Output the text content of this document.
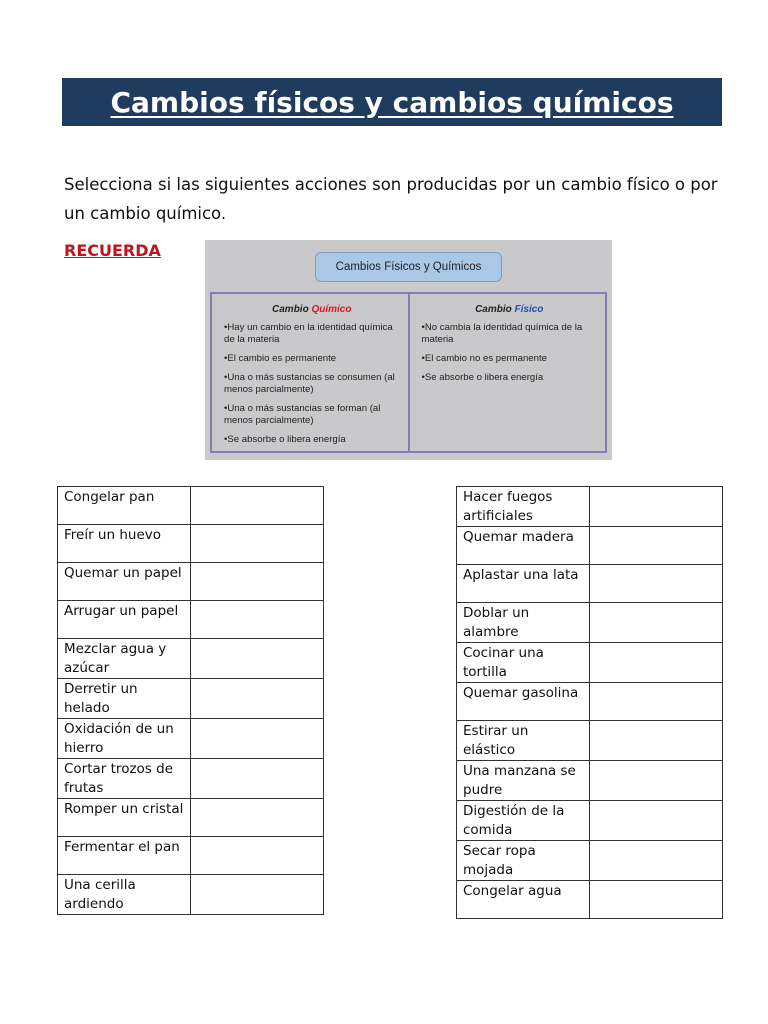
Cambios físicos y cambios químicos
Selecciona si las siguientes acciones son producidas por un cambio físico o por un cambio químico.
RECUERDA
Cambios Físicos y Químicos
Cambio Químico
• Hay un cambio en la identidad química de la materia
• El cambio es permanente
• Una o más sustancias se consumen (al menos parcialmente)
• Una o más sustancias se forman (al menos parcialmente)
• Se absorbe o libera energía
Cambio Físico
• No cambia la identidad química de la materia
• El cambio no es permanente
• Se absorbe o libera energía
Congelar pan	
Freír un huevo	
Quemar un papel	
Arrugar un papel	
Mezclar agua y azúcar	
Derretir un helado	
Oxidación de un hierro	
Cortar trozos de frutas	
Romper un cristal	
Fermentar el pan	
Una cerilla ardiendo	
Hacer fuegos artificiales	
Quemar madera	
Aplastar una lata	
Doblar un alambre	
Cocinar una tortilla	
Quemar gasolina	
Estirar un elástico	
Una manzana se pudre	
Digestión de la comida	
Secar ropa mojada	
Congelar agua	
